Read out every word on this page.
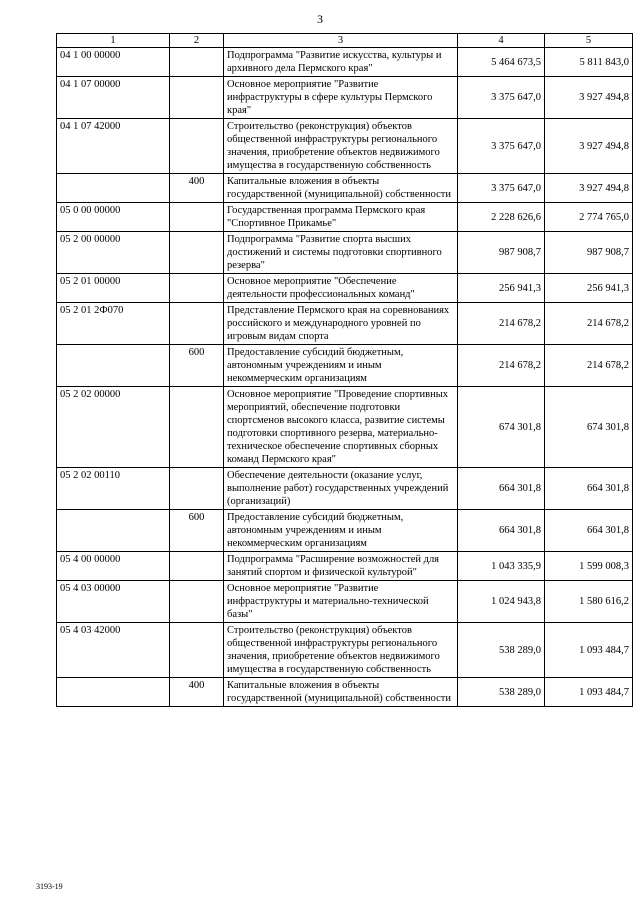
3
1	2	3	4	5
04 1 00 00000		Подпрограмма "Развитие искусства, культуры и архивного дела Пермского края"	5 464 673,5	5 811 843,0
04 1 07 00000		Основное мероприятие "Развитие инфраструктуры в сфере культуры Пермского края"	3 375 647,0	3 927 494,8
04 1 07 42000		Строительство (реконструкция) объектов общественной инфраструктуры регионального значения, приобретение объектов недвижимого имущества в государственную собственность	3 375 647,0	3 927 494,8
	400	Капитальные вложения в объекты государственной (муниципальной) собственности	3 375 647,0	3 927 494,8
05 0 00 00000		Государственная программа Пермского края "Спортивное Прикамье"	2 228 626,6	2 774 765,0
05 2 00 00000		Подпрограмма "Развитие спорта высших достижений и системы подготовки спортивного резерва"	987 908,7	987 908,7
05 2 01 00000		Основное мероприятие "Обеспечение деятельности профессиональных команд"	256 941,3	256 941,3
05 2 01 2Ф070		Представление Пермского края на соревнованиях российского и международного уровней по игровым видам спорта	214 678,2	214 678,2
	600	Предоставление субсидий бюджетным, автономным учреждениям и иным некоммерческим организациям	214 678,2	214 678,2
05 2 02 00000		Основное мероприятие "Проведение спортивных мероприятий, обеспечение подготовки спортсменов высокого класса, развитие системы подготовки спортивного резерва, материально-техническое обеспечение спортивных сборных команд Пермского края"	674 301,8	674 301,8
05 2 02 00110		Обеспечение деятельности (оказание услуг, выполнение работ) государственных учреждений (организаций)	664 301,8	664 301,8
	600	Предоставление субсидий бюджетным, автономным учреждениям и иным некоммерческим организациям	664 301,8	664 301,8
05 4 00 00000		Подпрограмма "Расширение возможностей для занятий спортом и физической культурой"	1 043 335,9	1 599 008,3
05 4 03 00000		Основное мероприятие "Развитие инфраструктуры и материально-технической базы"	1 024 943,8	1 580 616,2
05 4 03 42000		Строительство (реконструкция) объектов общественной инфраструктуры регионального значения, приобретение объектов недвижимого имущества в государственную собственность	538 289,0	1 093 484,7
	400	Капитальные вложения в объекты государственной (муниципальной) собственности	538 289,0	1 093 484,7
3193-19
